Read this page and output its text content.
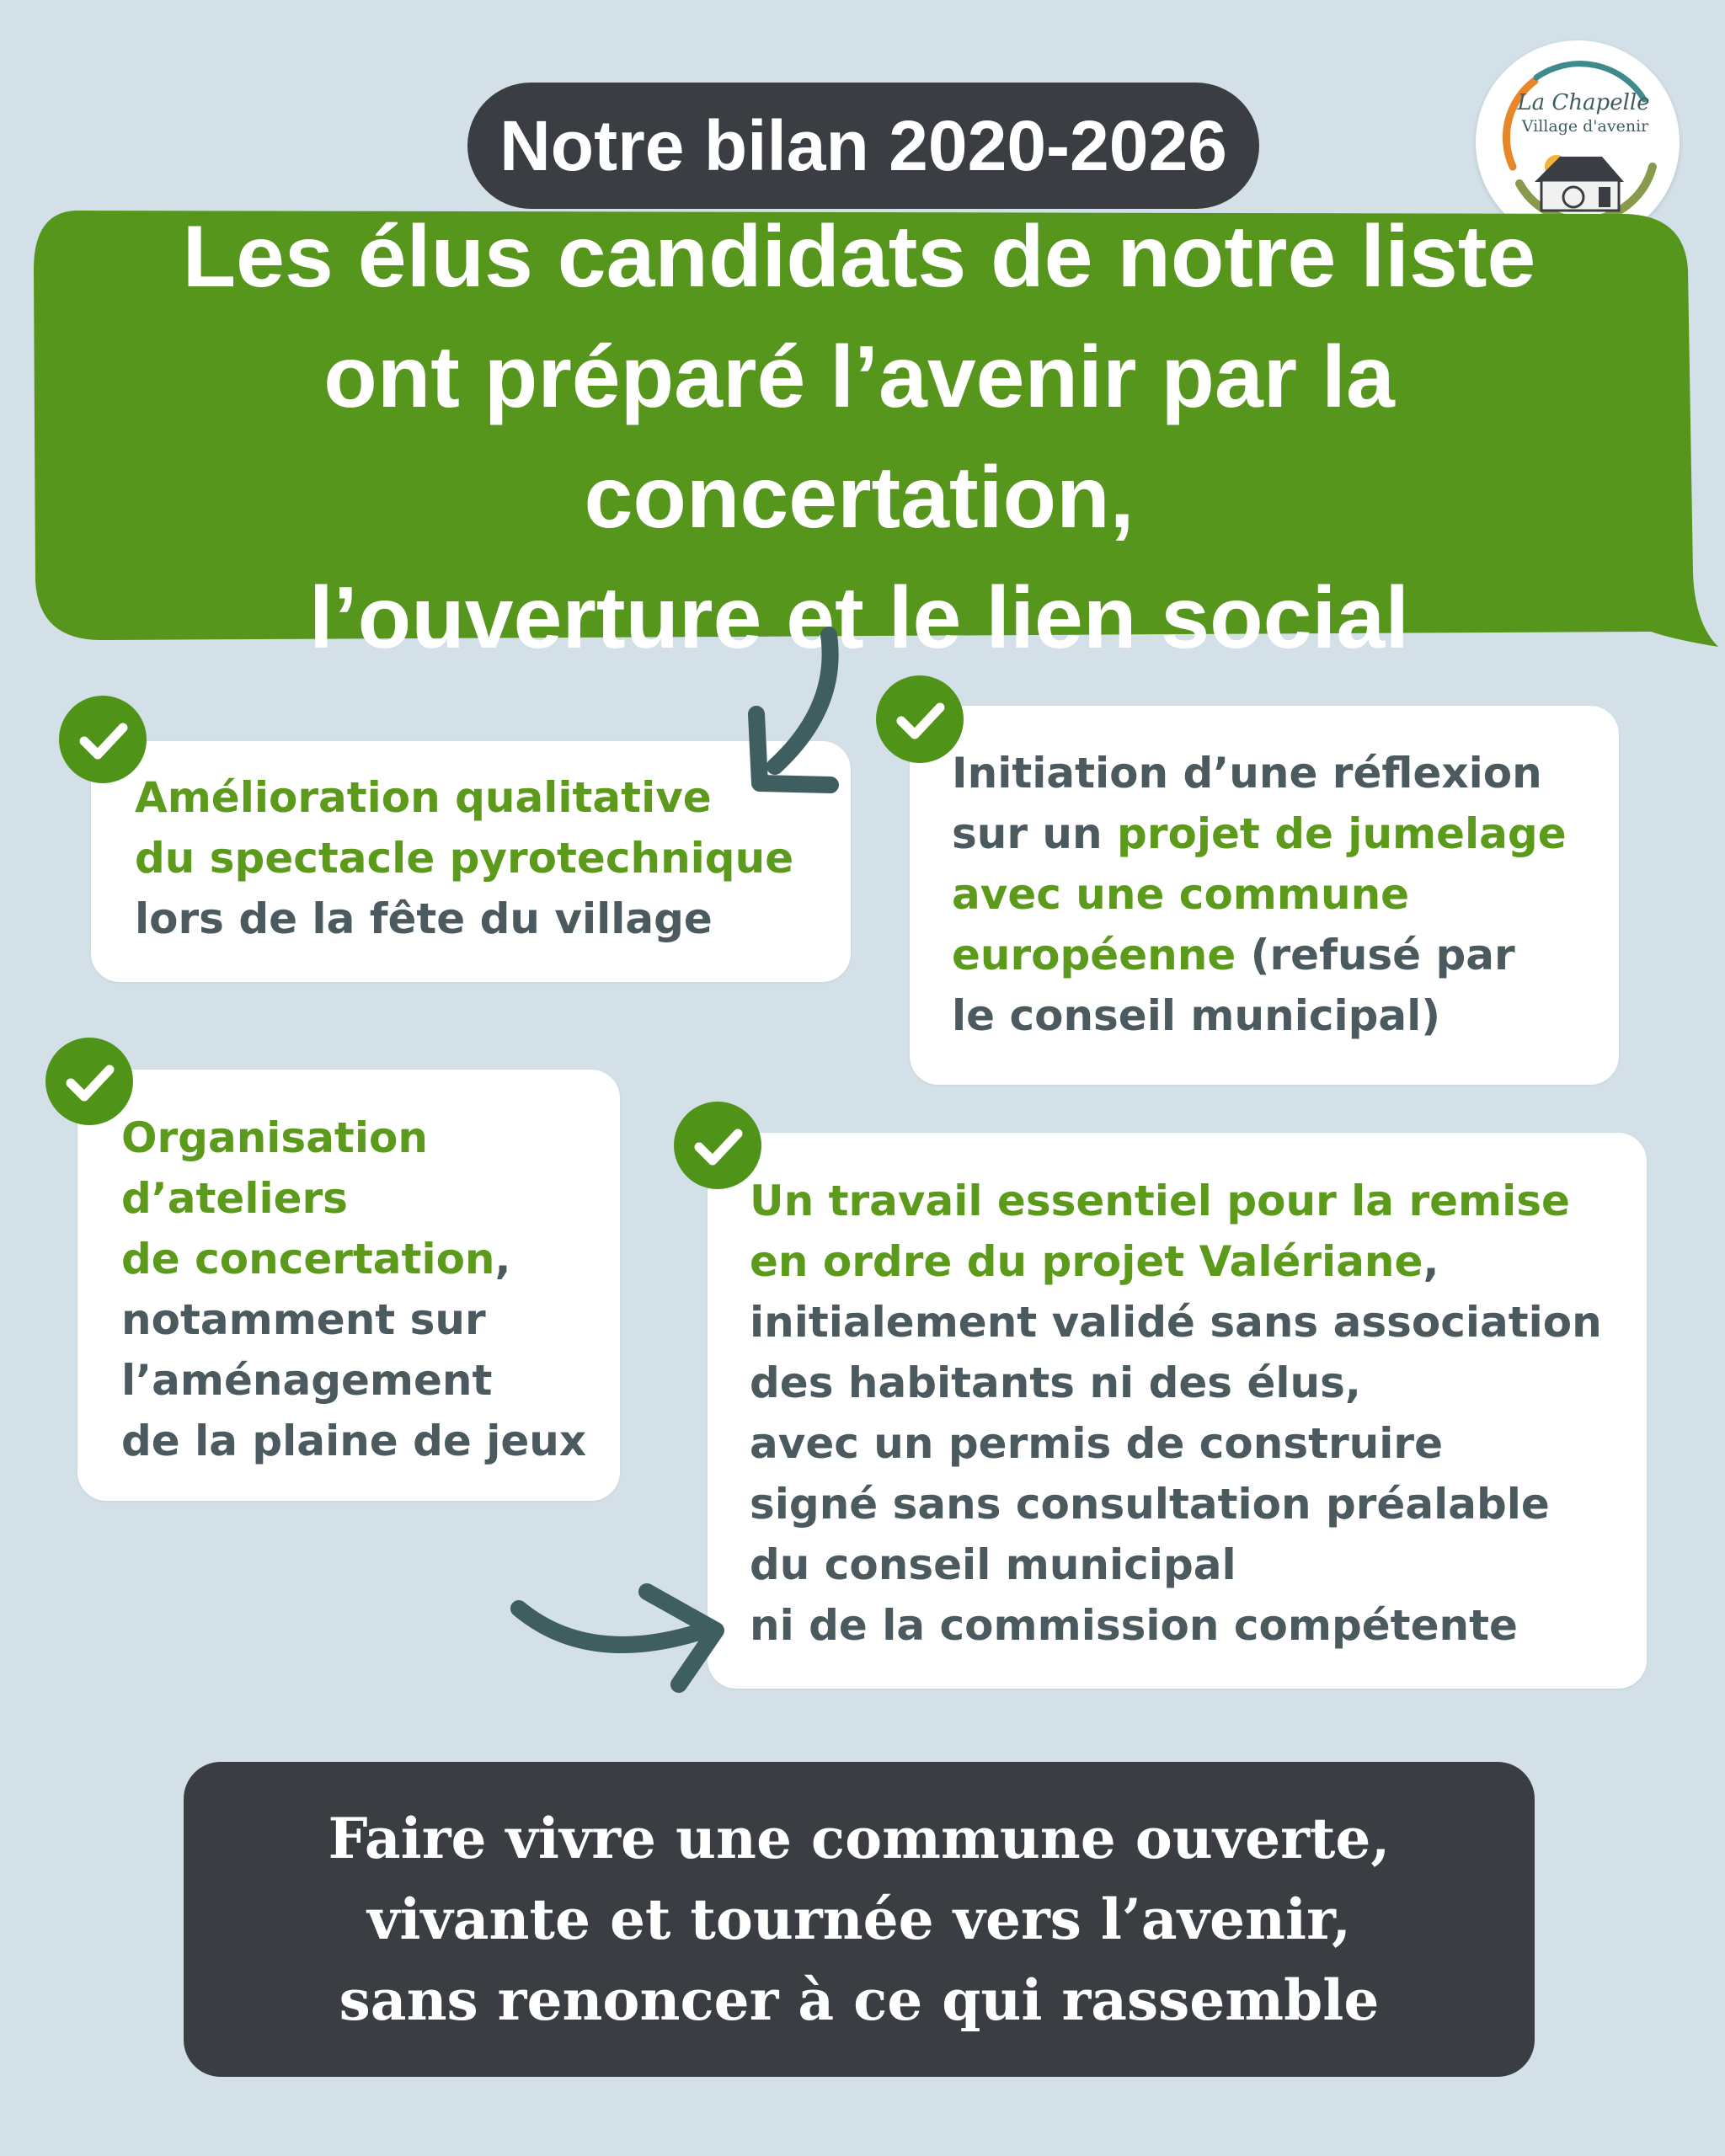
Notre bilan 2020-2026
La Chapelle
Village d'avenir
Les élus candidats de notre liste
ont préparé l’avenir par la concertation,
l’ouverture et le lien social
Amélioration qualitative
du spectacle pyrotechnique
lors de la fête du village
Initiation d’une réflexion
sur un projet de jumelage
avec une commune
européenne (refusé par
le conseil municipal)
Organisation
d’ateliers
de concertation,
notamment sur
l’aménagement
de la plaine de jeux
Un travail essentiel pour la remise
en ordre du projet Valériane,
initialement validé sans association
des habitants ni des élus,
avec un permis de construire
signé sans consultation préalable
du conseil municipal
ni de la commission compétente
Faire vivre une commune ouverte,
vivante et tournée vers l’avenir,
sans renoncer à ce qui rassemble
